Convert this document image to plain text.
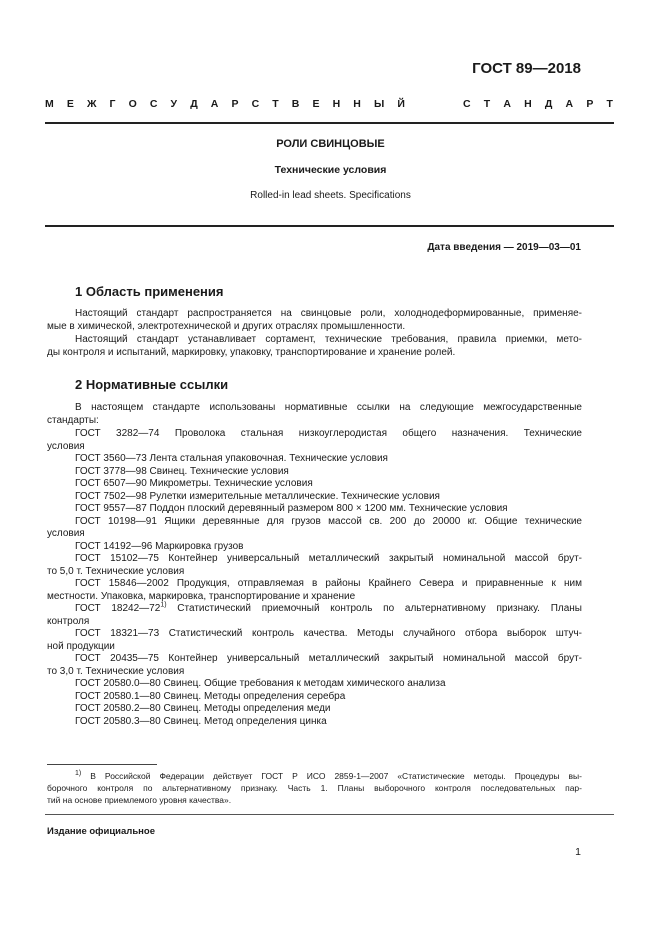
ГОСТ 89—2018
М Е Ж Г О С У Д А Р С Т В Е Н Н Ы Й	С Т А Н Д А Р Т
РОЛИ СВИНЦОВЫЕ
Технические условия
Rolled-in lead sheets. Specifications
Дата введения — 2019—03—01
1 Область применения
Настоящий стандарт распространяется на свинцовые роли, холоднодеформированные, применяе-
мые в химической, электротехнической и других отраслях промышленности.
Настоящий стандарт устанавливает сортамент, технические требования, правила приемки, мето-
ды контроля и испытаний, маркировку, упаковку, транспортирование и хранение ролей.
2 Нормативные ссылки
В настоящем стандарте использованы нормативные ссылки на следующие межгосударственные
стандарты:
ГОСТ 3282—74 Проволока стальная низкоуглеродистая общего назначения. Технические
условия
ГОСТ 3560—73 Лента стальная упаковочная. Технические условия
ГОСТ 3778—98 Свинец. Технические условия
ГОСТ 6507—90 Микрометры. Технические условия
ГОСТ 7502—98 Рулетки измерительные металлические. Технические условия
ГОСТ 9557—87 Поддон плоский деревянный размером 800 × 1200 мм. Технические условия
ГОСТ 10198—91 Ящики деревянные для грузов массой св. 200 до 20000 кг. Общие технические
условия
ГОСТ 14192—96 Маркировка грузов
ГОСТ 15102—75 Контейнер универсальный металлический закрытый номинальной массой брут-
то 5,0 т. Технические условия
ГОСТ 15846—2002 Продукция, отправляемая в районы Крайнего Севера и приравненные к ним
местности. Упаковка, маркировка, транспортирование и хранение
ГОСТ 18321—73 Статистический контроль качества. Методы случайного отбора выборок штуч-
ной продукции
ГОСТ 20435—75 Контейнер универсальный металлический закрытый номинальной массой брут-
то 3,0 т. Технические условия
ГОСТ 20580.0—80 Свинец. Общие требования к методам химического анализа
ГОСТ 20580.1—80 Свинец. Методы определения серебра
ГОСТ 20580.2—80 Свинец. Методы определения меди
ГОСТ 20580.3—80 Свинец. Метод определения цинка
ГОСТ 18242—72$^{1)}$ Статистический приемочный контроль по альтернативному признаку. Планы
контроля
$^{1)}$ В Российской Федерации действует ГОСТ Р ИСО 2859-1—2007 «Статистические методы. Процедуры вы-
борочного контроля по альтернативному признаку. Часть 1. Планы выборочного контроля последовательных пар-
тий на основе приемлемого уровня качества».
Издание официальное
1
